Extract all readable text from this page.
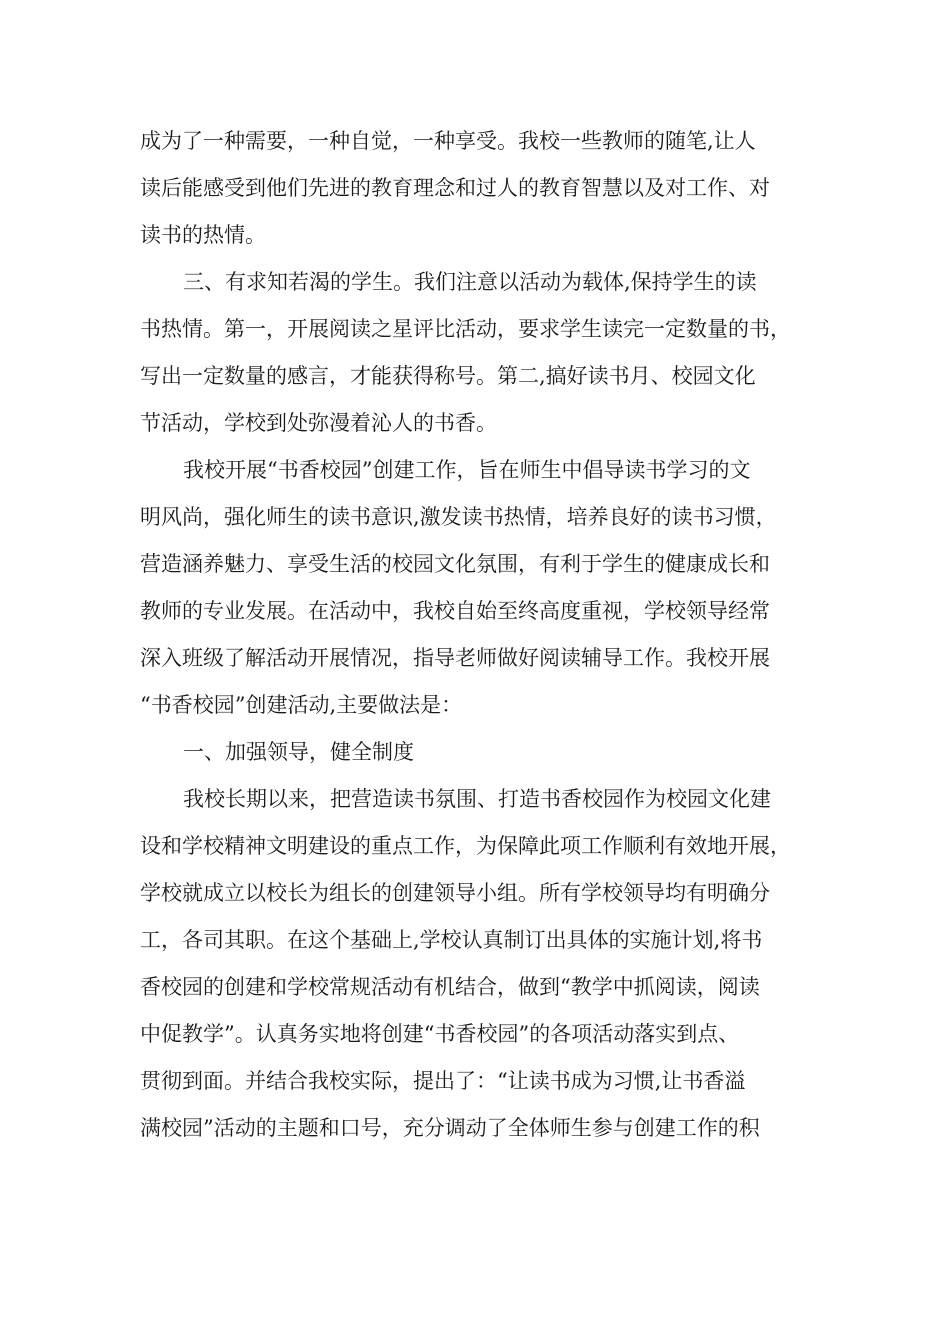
成为了一种需要，一种自觉，一种享受。我校一些教师的随笔,让人
读后能感受到他们先进的教育理念和过人的教育智慧以及对工作、对
读书的热情。
三、有求知若渴的学生。我们注意以活动为载体,保持学生的读
书热情。第一，开展阅读之星评比活动，要求学生读完一定数量的书，
写出一定数量的感言，才能获得称号。第二,搞好读书月、校园文化
节活动，学校到处弥漫着沁人的书香。
我校开展“书香校园”创建工作，旨在师生中倡导读书学习的文
明风尚，强化师生的读书意识,激发读书热情，培养良好的读书习惯，
营造涵养魅力、享受生活的校园文化氛围，有利于学生的健康成长和
教师的专业发展。在活动中，我校自始至终高度重视，学校领导经常
深入班级了解活动开展情况，指导老师做好阅读辅导工作。我校开展
“书香校园”创建活动,主要做法是：
一、加强领导，健全制度
我校长期以来，把营造读书氛围、打造书香校园作为校园文化建
设和学校精神文明建设的重点工作，为保障此项工作顺利有效地开展，
学校就成立以校长为组长的创建领导小组。所有学校领导均有明确分
工，各司其职。在这个基础上,学校认真制订出具体的实施计划,将书
香校园的创建和学校常规活动有机结合，做到“教学中抓阅读，阅读
中促教学”。认真务实地将创建“书香校园”的各项活动落实到点、
贯彻到面。并结合我校实际，提出了：“让读书成为习惯,让书香溢
满校园”活动的主题和口号，充分调动了全体师生参与创建工作的积
